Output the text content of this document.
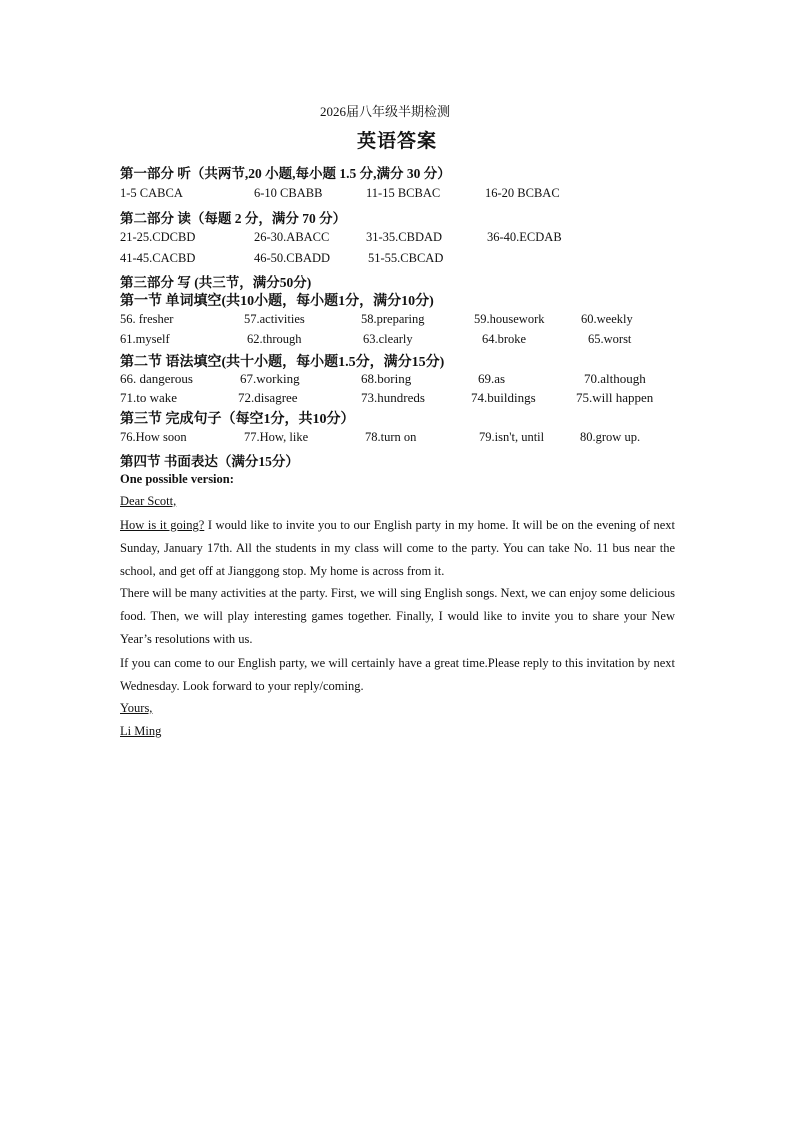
2026届八年级半期检测
英语答案
第一部分 听（共两节,20 小题,每小题 1.5 分,满分 30 分）
1-5 CABCA	6-10 CBABB	11-15 BCBAC	16-20 BCBAC
第二部分 读（每题 2 分，满分 70 分）
21-25.CDCBD	26-30.ABACC	31-35.CBDAD	36-40.ECDAB
41-45.CACBD	46-50.CBADD	51-55.CBCAD
第三部分 写 (共三节，满分50分)
第一节 单词填空(共10小题，每小题1分，满分10分)
56. fresher	57.activities	58.preparing	59.housework	60.weekly
61.myself	62.through	63.clearly	64.broke	65.worst
第二节 语法填空(共十小题，每小题1.5分，满分15分)
66. dangerous	67.working	68.boring	69.as	70.although
71.to wake	72.disagree	73.hundreds	74.buildings	75.will happen
第三节 完成句子（每空1分，共10分）
76.How soon	77.How, like	78.turn on	79.isn't, until	80.grow up.
第四节 书面表达（满分15分）
One possible version:
Dear Scott,
How is it going? I would like to invite you to our English party in my home. It will be on the evening of next Sunday, January 17th. All the students in my class will come to the party. You can take No. 11 bus near the school, and get off at Jianggong stop. My home is across from it.
There will be many activities at the party. First, we will sing English songs. Next, we can enjoy some delicious food. Then, we will play interesting games together. Finally, I would like to invite you to share your New Year’s resolutions with us.
If you can come to our English party, we will certainly have a great time.Please reply to this invitation by next Wednesday. Look forward to your reply/coming.
Yours,
Li Ming
